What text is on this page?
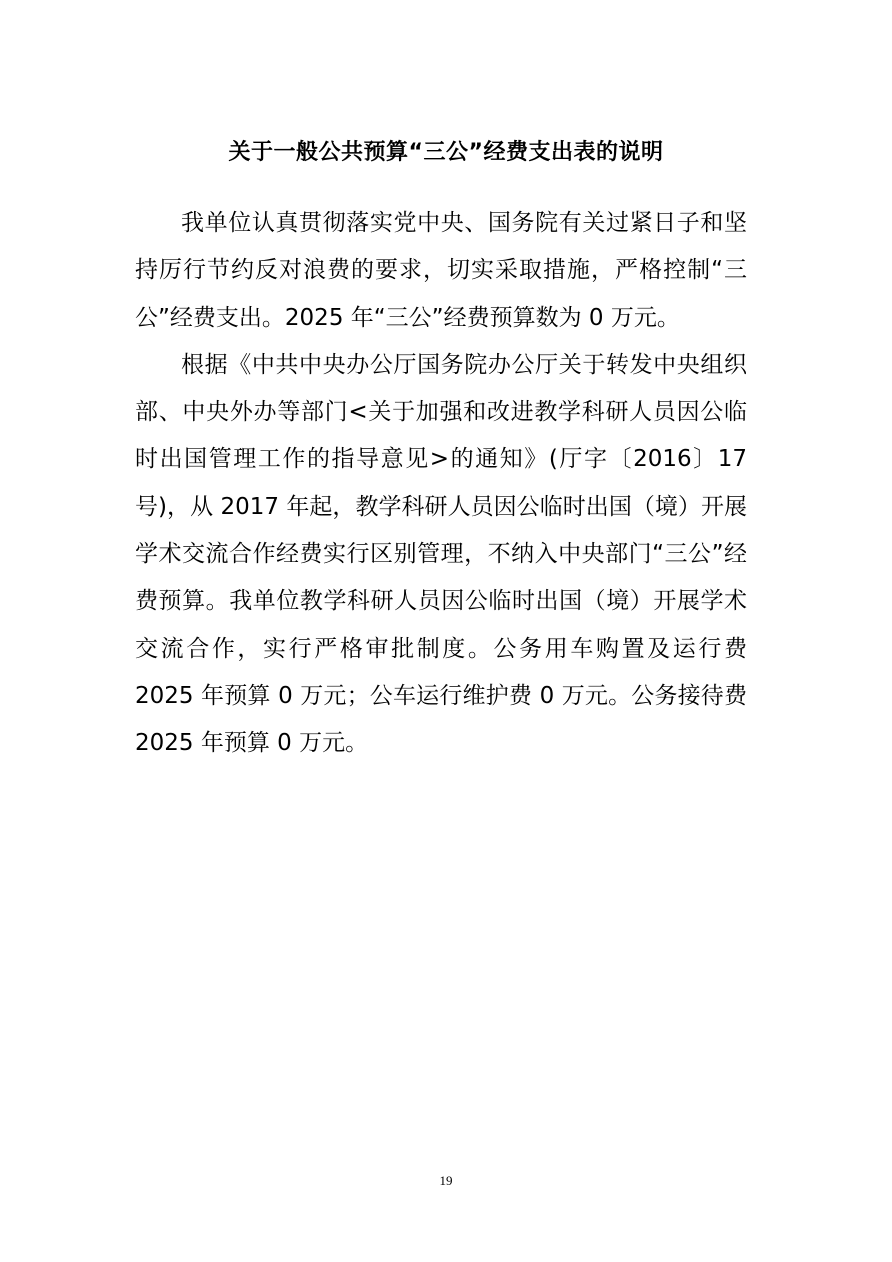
关于一般公共预算“三公”经费支出表的说明

我单位认真贯彻落实党中央、国务院有关过紧日子和坚持厉行节约反对浪费的要求，切实采取措施，严格控制“三公”经费支出。2025 年“三公”经费预算数为 0 万元。

根据《中共中央办公厅国务院办公厅关于转发中央组织部、中央外办等部门<关于加强和改进教学科研人员因公临时出国管理工作的指导意见>的通知》(厅字〔2016〕17 号)，从 2017 年起，教学科研人员因公临时出国（境）开展学术交流合作经费实行区别管理，不纳入中央部门“三公”经费预算。我单位教学科研人员因公临时出国（境）开展学术交流合作，实行严格审批制度。公务用车购置及运行费 2025 年预算 0 万元；公车运行维护费 0 万元。公务接待费 2025 年预算 0 万元。

19
